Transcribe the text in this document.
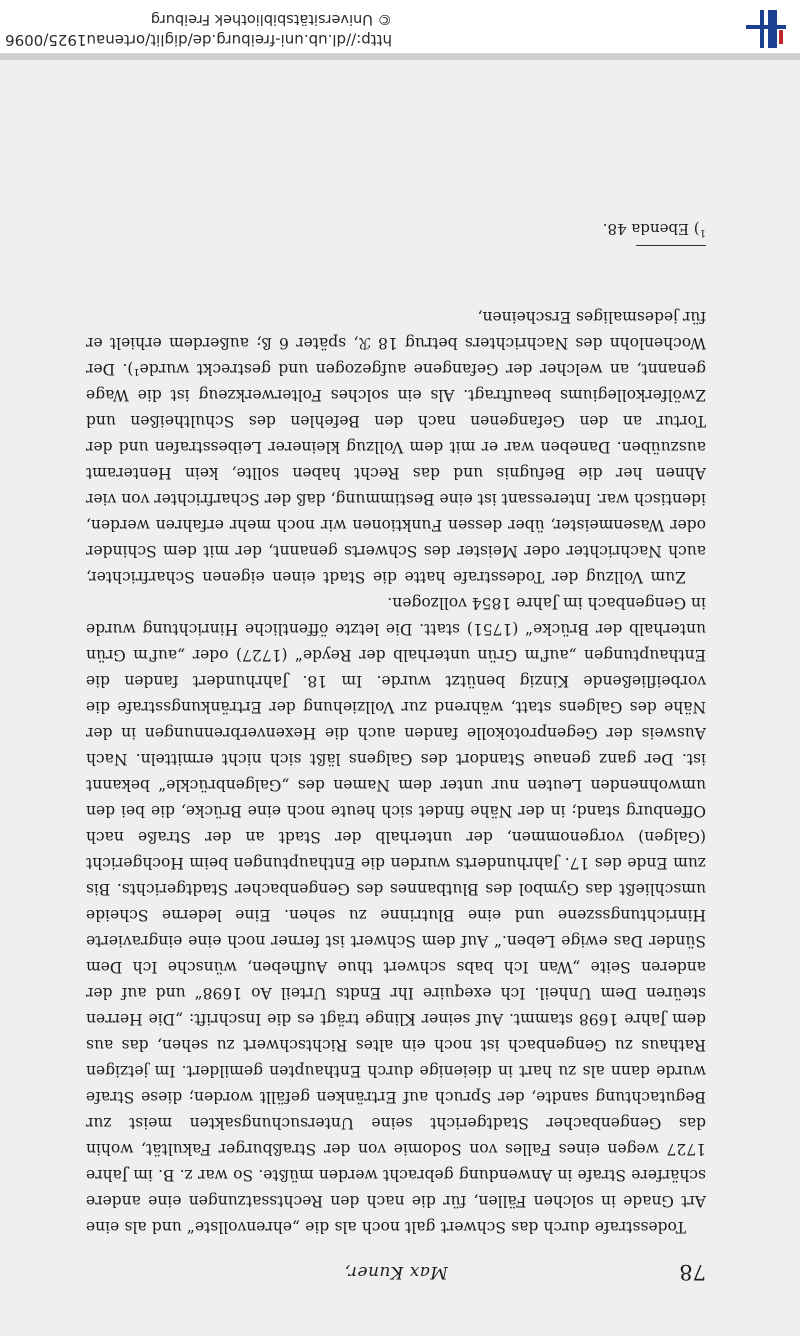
78
Max Kuner,

Todesstrafe durch das Schwert galt noch als die „ehrenvollste“ und als eine Art Gnade in solchen Fällen, für die nach den Rechtssatzungen eine andere schärfere Strafe in Anwendung gebracht werden müßte. So war z. B. im Jahre 1727 wegen eines Falles von Sodomie von der Straßburger Fakultät, wohin das Gengenbacher Stadtgericht seine Untersuchungsakten meist zur Begutachtung sandte, der Spruch auf Ertränken gefällt worden; diese Strafe wurde dann als zu hart in dieienige durch Enthaupten gemildert. Im jetzigen Rathaus zu Gengenbach ist noch ein altes Richtschwert zu sehen, das aus dem Jahre 1698 stammt. Auf seiner Klinge trägt es die Inschrift: „Die Herren steüren Dem Unheil. Ich exequire Ihr Endts Urteil Ao 1698“ und auf der anderen Seite „Wan Ich babs schwert thue Aufheben, wünsche Ich Dem Sünder Das ewige Leben.“ Auf dem Schwert ist ferner noch eine eingravierte Hinrichtungsszene und eine Blutrinne zu sehen. Eine lederne Scheide umschließt das Gymbol des Blutbannes des Gengenbacher Stadtgerichts. Bis zum Ende des 17. Jahrhunderts wurden die Enthauptungen beim Hochgericht (Galgen) vorgenommen, der unterhalb der Stadt an der Straße nach Offenburg stand; in der Nähe findet sich heute noch eine Brücke, die bei den umwohnenden Leuten nur unter dem Namen des „Galgenbrückle“ bekannt ist. Der ganz genaue Standort des Galgens läßt sich nicht ermitteln. Nach Ausweis der Gegenprotokolle fanden auch die Hexenverbrennungen in der Nähe des Galgens statt, während zur Vollziehung der Ertränkungsstrafe die vorbeifließende Kinzig benützt wurde. Im 18. Jahrhundert fanden die Enthauptungen „auf'm Grün unterhalb der Reyde“ (1727) oder „auf'm Grün unterhalb der Brücke“ (1751) statt. Die letzte öffentliche Hinrichtung wurde in Gengenbach im Jahre 1854 vollzogen.

Zum Vollzug der Todesstrafe hatte die Stadt einen eigenen Scharfrichter, auch Nachrichter oder Meister des Schwerts genannt, der mit dem Schinder oder Wasenmeister, über dessen Funktionen wir noch mehr erfahren werden, identisch war. Interessant ist eine Bestimmung, daß der Scharfrichter von vier Ahnen her die Befugnis und das Recht haben sollte, kein Henteramt auszuüben. Daneben war er mit dem Vollzug kleinerer Leibesstrafen und der Tortur an den Gefangenen nach den Befehlen des Schultheißen und Zwölferkollegiums beauftragt. Als ein solches Folterwerkzeug ist die Wage genannt, an welcher der Gefangene aufgezogen und gestreckt wurde¹). Der Wochenlohn des Nachrichters betrug 18 ℛ, später 6 ß; außerdem erhielt er für jedesmaliges Erscheinen,

$^1$) Ebenda 48.
http://dl.ub.uni-freiburg.de/diglit/ortenau1925/0096
© Universitätsbibliothek Freiburg
